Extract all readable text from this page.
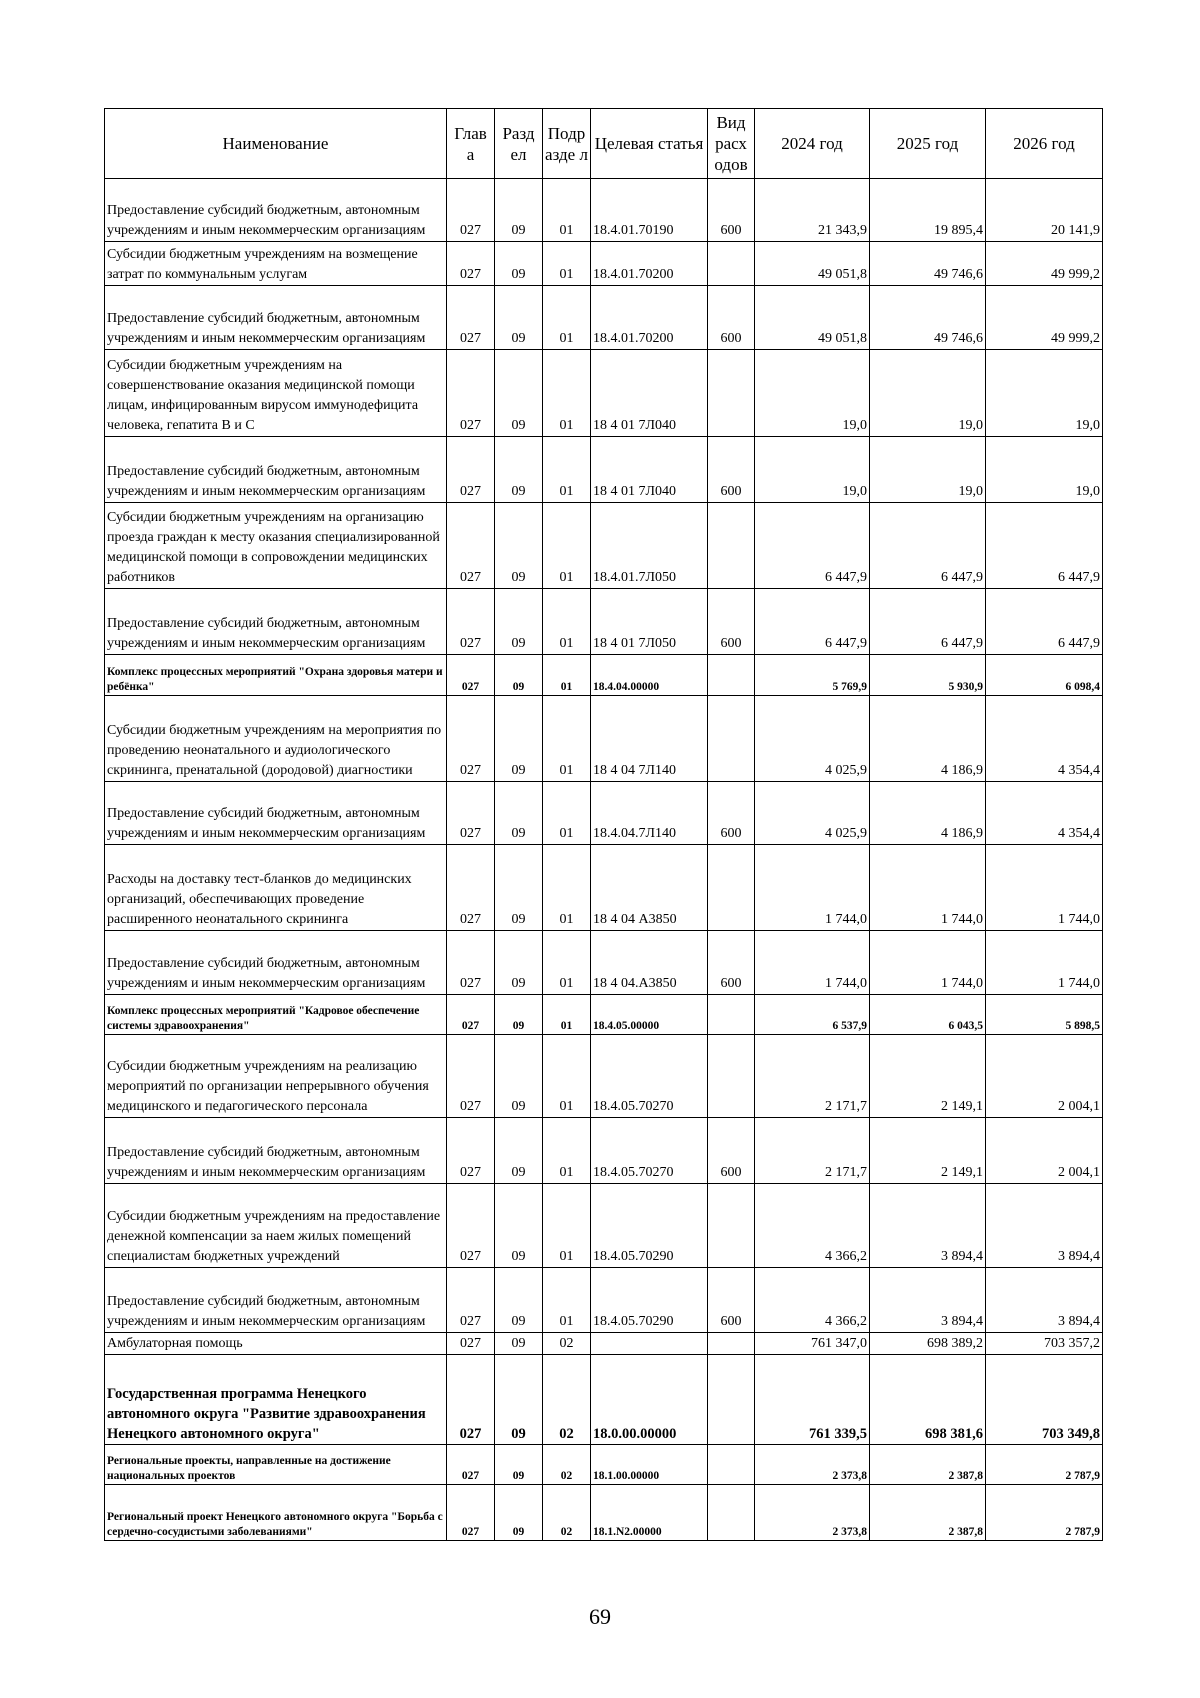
Наименование	Глав а	Разд ел	Подр азде л	Целевая статья	Вид расх одов	2024 год	2025 год	2026 год
Предоставление субсидий бюджетным, автономным учреждениям и иным некоммерческим организациям	027	09	01	18.4.01.70190	600	21 343,9	19 895,4	20 141,9
Субсидии бюджетным учреждениям на возмещение затрат по коммунальным услугам	027	09	01	18.4.01.70200		49 051,8	49 746,6	49 999,2
Предоставление субсидий бюджетным, автономным учреждениям и иным некоммерческим организациям	027	09	01	18.4.01.70200	600	49 051,8	49 746,6	49 999,2
Субсидии бюджетным учреждениям на совершенствование оказания медицинской помощи лицам, инфицированным вирусом иммунодефицита человека, гепатита В и С	027	09	01	18 4 01 7Л040		19,0	19,0	19,0
Предоставление субсидий бюджетным, автономным учреждениям и иным некоммерческим организациям	027	09	01	18 4 01 7Л040	600	19,0	19,0	19,0
Субсидии бюджетным учреждениям на организацию проезда граждан к месту оказания специализированной медицинской помощи в сопровождении медицинских работников	027	09	01	18.4.01.7Л050		6 447,9	6 447,9	6 447,9
Предоставление субсидий бюджетным, автономным учреждениям и иным некоммерческим организациям	027	09	01	18 4 01 7Л050	600	6 447,9	6 447,9	6 447,9
Комплекс процессных мероприятий "Охрана здоровья матери и ребёнка"	027	09	01	18.4.04.00000		5 769,9	5 930,9	6 098,4
Субсидии бюджетным учреждениям на мероприятия по проведению неонатального и аудиологического скрининга, пренатальной (дородовой) диагностики	027	09	01	18 4 04 7Л140		4 025,9	4 186,9	4 354,4
Предоставление субсидий бюджетным, автономным учреждениям и иным некоммерческим организациям	027	09	01	18.4.04.7Л140	600	4 025,9	4 186,9	4 354,4
Расходы на доставку тест-бланков до медицинских организаций, обеспечивающих проведение расширенного неонатального скрининга	027	09	01	18 4 04 А3850		1 744,0	1 744,0	1 744,0
Предоставление субсидий бюджетным, автономным учреждениям и иным некоммерческим организациям	027	09	01	18 4 04.А3850	600	1 744,0	1 744,0	1 744,0
Комплекс процессных мероприятий "Кадровое обеспечение системы здравоохранения"	027	09	01	18.4.05.00000		6 537,9	6 043,5	5 898,5
Субсидии бюджетным учреждениям на реализацию мероприятий по организации непрерывного обучения медицинского и педагогического персонала	027	09	01	18.4.05.70270		2 171,7	2 149,1	2 004,1
Предоставление субсидий бюджетным, автономным учреждениям и иным некоммерческим организациям	027	09	01	18.4.05.70270	600	2 171,7	2 149,1	2 004,1
Субсидии бюджетным учреждениям на предоставление денежной компенсации за наем жилых помещений специалистам бюджетных учреждений	027	09	01	18.4.05.70290		4 366,2	3 894,4	3 894,4
Предоставление субсидий бюджетным, автономным учреждениям и иным некоммерческим организациям	027	09	01	18.4.05.70290	600	4 366,2	3 894,4	3 894,4
Амбулаторная помощь	027	09	02			761 347,0	698 389,2	703 357,2
Государственная программа Ненецкого автономного округа "Развитие здравоохранения Ненецкого автономного округа"	027	09	02	18.0.00.00000		761 339,5	698 381,6	703 349,8
Региональные проекты, направленные на достижение национальных проектов	027	09	02	18.1.00.00000		2 373,8	2 387,8	2 787,9
Региональный проект Ненецкого автономного округа "Борьба с сердечно-сосудистыми заболеваниями"	027	09	02	18.1.N2.00000		2 373,8	2 387,8	2 787,9
69
